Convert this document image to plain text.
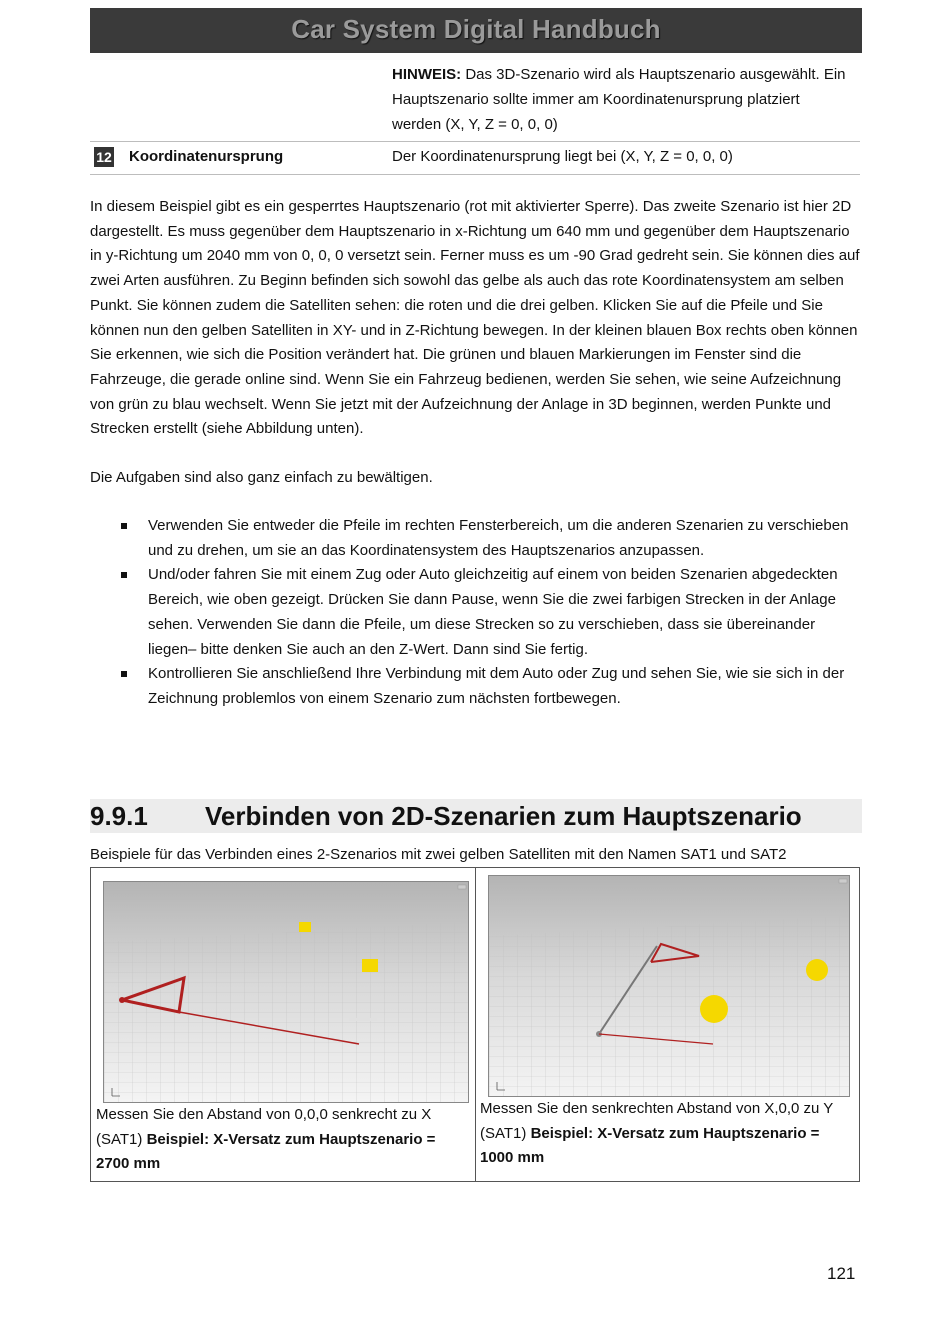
Car System Digital Handbuch
HINWEIS: Das 3D-Szenario wird als Hauptszenario ausgewählt. Ein Hauptszenario sollte immer am Koordinatenursprung platziert werden (X, Y, Z = 0, 0, 0)
12 Koordinatenursprung	Der Koordinatenursprung liegt bei (X, Y, Z = 0, 0, 0)

In diesem Beispiel gibt es ein gesperrtes Hauptszenario (rot mit aktivierter Sperre). Das zweite Szenario ist hier 2D dargestellt. Es muss gegenüber dem Hauptszenario in x-Richtung um 640 mm und gegenüber dem Hauptszenario in y-Richtung um 2040 mm von 0, 0, 0 versetzt sein. Ferner muss es um -90 Grad gedreht sein. Sie können dies auf zwei Arten ausführen. Zu Beginn befinden sich sowohl das gelbe als auch das rote Koordinatensystem am selben Punkt. Sie können zudem die Satelliten sehen: die roten und die drei gelben. Klicken Sie auf die Pfeile und Sie können nun den gelben Satelliten in XY- und in Z-Richtung bewegen. In der kleinen blauen Box rechts oben können Sie erkennen, wie sich die Position verändert hat. Die grünen und blauen Markierungen im Fenster sind die Fahrzeuge, die gerade online sind. Wenn Sie ein Fahrzeug bedienen, werden Sie sehen, wie seine Aufzeichnung von grün zu blau wechselt. Wenn Sie jetzt mit der Aufzeichnung der Anlage in 3D beginnen, werden Punkte und Strecken erstellt (siehe Abbildung unten).

Die Aufgaben sind also ganz einfach zu bewältigen.

Verwenden Sie entweder die Pfeile im rechten Fensterbereich, um die anderen Szenarien zu verschieben und zu drehen, um sie an das Koordinatensystem des Hauptszenarios anzupassen.
Und/oder fahren Sie mit einem Zug oder Auto gleichzeitig auf einem von beiden Szenarien abgedeckten Bereich, wie oben gezeigt. Drücken Sie dann Pause, wenn Sie die zwei farbigen Strecken in der Anlage sehen. Verwenden Sie dann die Pfeile, um diese Strecken so zu verschieben, dass sie übereinander liegen– bitte denken Sie auch an den Z-Wert. Dann sind Sie fertig.
Kontrollieren Sie anschließend Ihre Verbindung mit dem Auto oder Zug und sehen Sie, wie sie sich in der Zeichnung problemlos von einem Szenario zum nächsten fortbewegen.
9.9.1 Verbinden von 2D-Szenarien zum Hauptszenario
Beispiele für das Verbinden eines 2-Szenarios mit zwei gelben Satelliten mit den Namen SAT1 und SAT2
Messen Sie den Abstand von 0,0,0 senkrecht zu X (SAT1) Beispiel: X-Versatz zum Hauptszenario = 2700 mm
Messen Sie den senkrechten Abstand von X,0,0 zu Y (SAT1) Beispiel: X-Versatz zum Hauptszenario = 1000 mm
121
